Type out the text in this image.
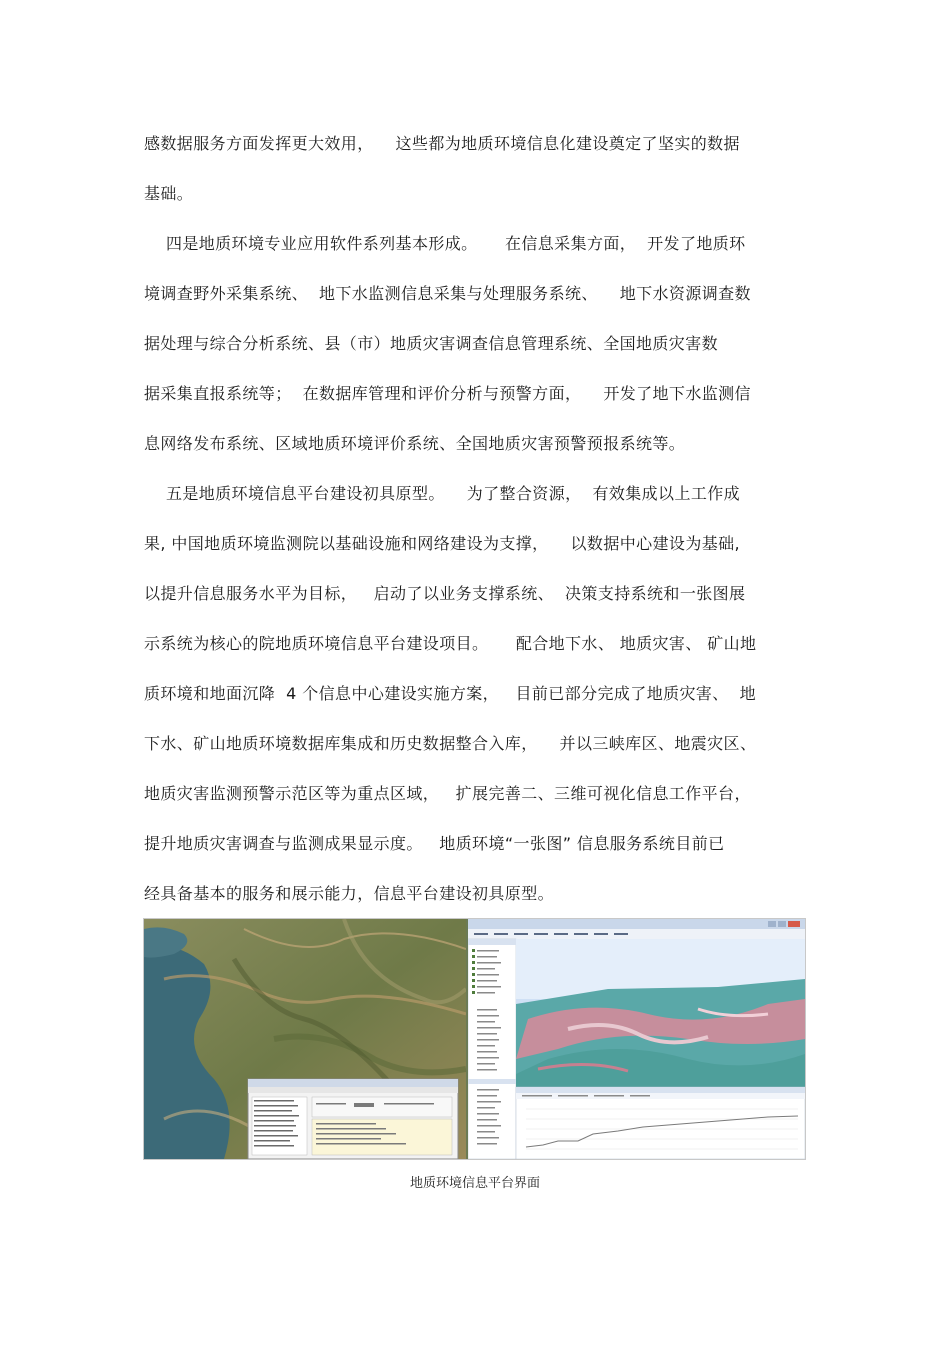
感数据服务方面发挥更大效用，    这些都为地质环境信息化建设奠定了坚实的数据
基础。
四是地质环境专业应用软件系列基本形成。     在信息采集方面，  开发了地质环
境调查野外采集系统、  地下水监测信息采集与处理服务系统、    地下水资源调查数
据处理与综合分析系统、县（市）地质灾害调查信息管理系统、全国地质灾害数
据采集直报系统等；  在数据库管理和评价分析与预警方面，    开发了地下水监测信
息网络发布系统、区域地质环境评价系统、全国地质灾害预警预报系统等。
五是地质环境信息平台建设初具原型。    为了整合资源，  有效集成以上工作成
果, 中国地质环境监测院以基础设施和网络建设为支撑，    以数据中心建设为基础,
以提升信息服务水平为目标，   启动了以业务支撑系统、  决策支持系统和一张图展
示系统为核心的院地质环境信息平台建设项目。     配合地下水、 地质灾害、 矿山地
质环境和地面沉降  4 个信息中心建设实施方案，   目前已部分完成了地质灾害、  地
下水、矿山地质环境数据库集成和历史数据整合入库，    并以三峡库区、地震灾区、
地质灾害监测预警示范区等为重点区域，   扩展完善二、三维可视化信息工作平台，
提升地质灾害调查与监测成果显示度。   地质环境“一张图” 信息服务系统目前已
经具备基本的服务和展示能力，信息平台建设初具原型。
地质环境信息平台界面
